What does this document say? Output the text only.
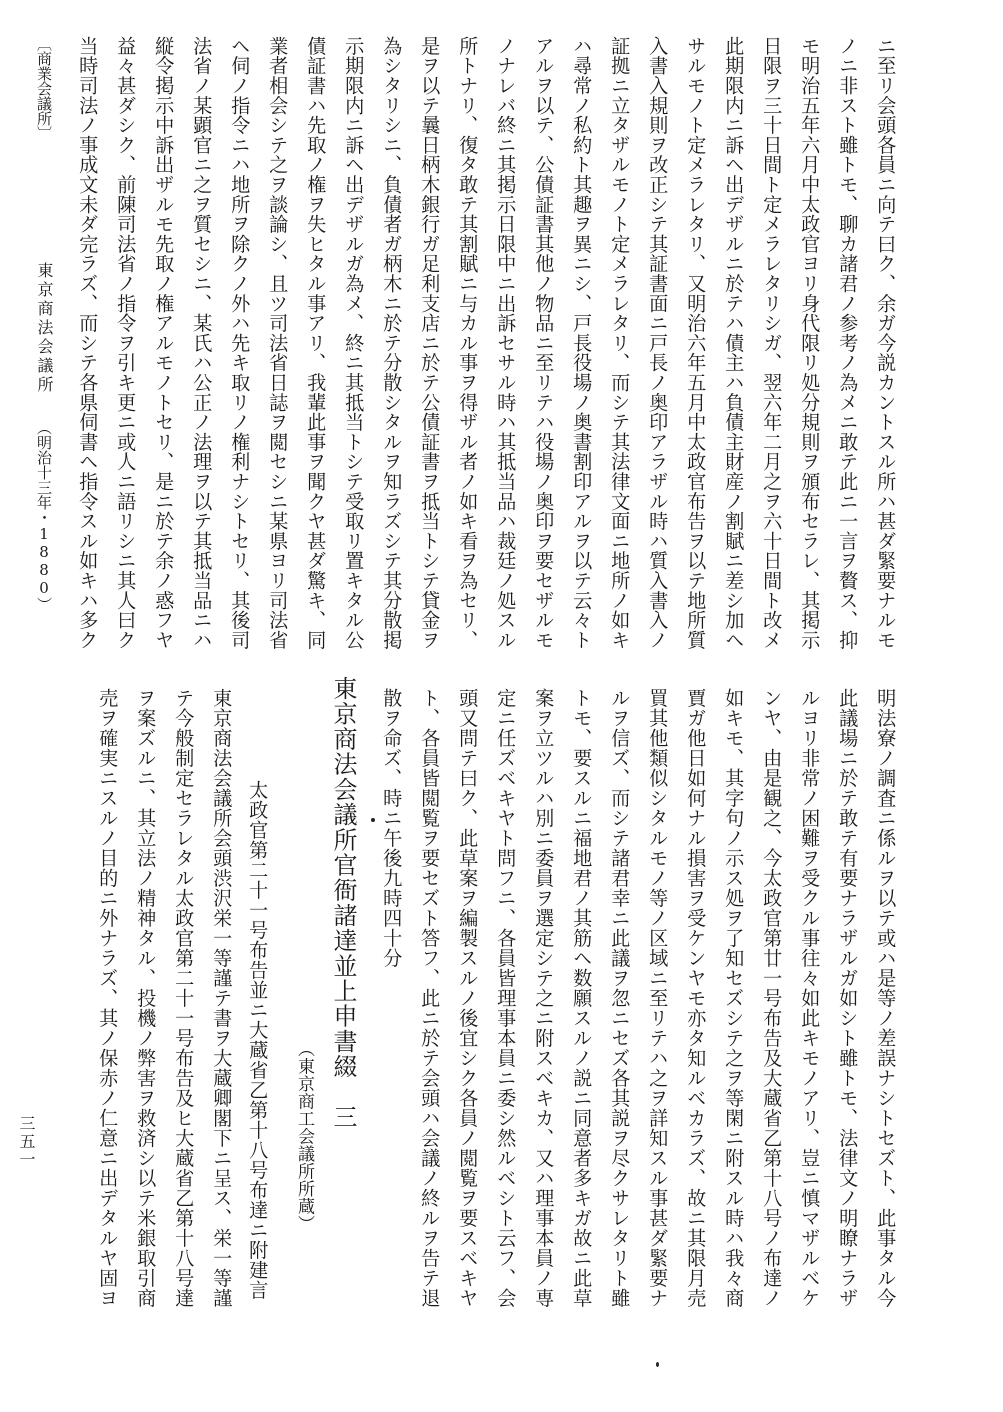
ニ至リ会頭各員ニ向テ曰ク、余ガ今説カントスル所ハ甚ダ緊要ナルモ
ノニ非スト雖トモ、聊カ諸君ノ参考ノ為メニ敢テ此ニ一言ヲ贅ス、抑
モ明治五年六月中太政官ヨリ身代限リ処分規則ヲ頒布セラレ、其掲示
日限ヲ三十日間ト定メラレタリシガ、翌六年二月之ヲ六十日間ト改メ
此期限内ニ訴ヘ出デザルニ於テハ債主ハ負債主財産ノ割賦ニ差シ加ヘ
サルモノト定メラレタリ、又明治六年五月中太政官布告ヲ以テ地所質
入書入規則ヲ改正シテ其証書面ニ戸長ノ奥印アラザル時ハ質入書入ノ
証拠ニ立タザルモノト定メラレタリ、而シテ其法律文面ニ地所ノ如キ
ハ尋常ノ私約ト其趣ヲ異ニシ、戸長役場ノ奥書割印アルヲ以テ云々ト
アルヲ以テ、公債証書其他ノ物品ニ至リテハ役場ノ奥印ヲ要セザルモ
ノナレバ終ニ其掲示日限中ニ出訴セサル時ハ其抵当品ハ裁廷ノ処スル
所トナリ、復タ敢テ其割賦ニ与カル事ヲ得ザル者ノ如キ看ヲ為セリ、
是ヲ以テ曩日柄木銀行ガ足利支店ニ於テ公債証書ヲ抵当トシテ貸金ヲ
為シタリシニ、負債者ガ柄木ニ於テ分散シタルヲ知ラズシテ其分散掲
示期限内ニ訴ヘ出デザルガ為メ、終ニ其抵当トシテ受取リ置キタル公
債証書ハ先取ノ権ヲ失ヒタル事アリ、我輩此事ヲ聞クヤ甚ダ驚キ、同
業者相会シテ之ヲ談論シ、且ツ司法省日誌ヲ閲セシニ某県ヨリ司法省
ヘ伺ノ指令ニハ地所ヲ除クノ外ハ先キ取リノ権利ナシトセリ、其後司
法省ノ某顕官ニ之ヲ質セシニ、某氏ハ公正ノ法理ヲ以テ其抵当品ニハ
縦令掲示中訴出ザルモ先取ノ権アルモノトセリ、是ニ於テ余ノ惑フヤ
益々甚ダシク、前陳司法省ノ指令ヲ引キ更ニ或人ニ語リシニ其人曰ク
当時司法ノ事成文未ダ完ラズ、而シテ各県伺書ヘ指令スル如キハ多ク
明法寮ノ調査ニ係ルヲ以テ或ハ是等ノ差誤ナシトセズト、此事タル今
此議場ニ於テ敢テ有要ナラザルガ如シト雖トモ、法律文ノ明瞭ナラザ
ルヨリ非常ノ困難ヲ受クル事往々如此キモノアリ、豈ニ慎マザルベケ
ンヤ、由是観之、今太政官第廿一号布告及大蔵省乙第十八号ノ布達ノ
如キモ、其字句ノ示ス処ヲ了知セズシテ之ヲ等閑ニ附スル時ハ我々商
賈ガ他日如何ナル損害ヲ受ケンヤモ亦タ知ルベカラズ、故ニ其限月売
買其他類似シタルモノ等ノ区域ニ至リテハ之ヲ詳知スル事甚ダ緊要ナ
ルヲ信ズ、而シテ諸君幸ニ此議ヲ忽ニセズ各其説ヲ尽クサレタリト雖
トモ、要スルニ福地君ノ其筋ヘ数願スルノ説ニ同意者多キガ故ニ此草
案ヲ立ツルハ別ニ委員ヲ選定シテ之ニ附スベキカ、又ハ理事本員ノ専
定ニ任ズベキヤト問フニ、各員皆理事本員ニ委シ然ルベシト云フ、会
頭又問テ曰ク、此草案ヲ編製スルノ後宜シク各員ノ閲覧ヲ要スベキヤ
ト、各員皆閲覧ヲ要セズト答フ、此ニ於テ会頭ハ会議ノ終ルヲ告テ退
散ヲ命ズ、時ニ午後九時四十分
東京商法会議所官衙諸達並上申書綴　三
（東京商工会議所所蔵）
太政官第二十一号布告並ニ大蔵省乙第十八号布達ニ附建言
東京商法会議所会頭渋沢栄一等謹テ書ヲ大蔵卿閣下ニ呈ス、栄一等謹
テ今般制定セラレタル太政官第二十一号布告及ヒ大蔵省乙第十八号達
ヲ案ズルニ、其立法ノ精神タル、投機ノ弊害ヲ救済シ以テ米銀取引商
売ヲ確実ニスルノ目的ニ外ナラズ、其ノ保赤ノ仁意ニ出デタルヤ固ヨ
〔商業会議所〕
東京商法会議所
（明治十三年・1880）
三五一
